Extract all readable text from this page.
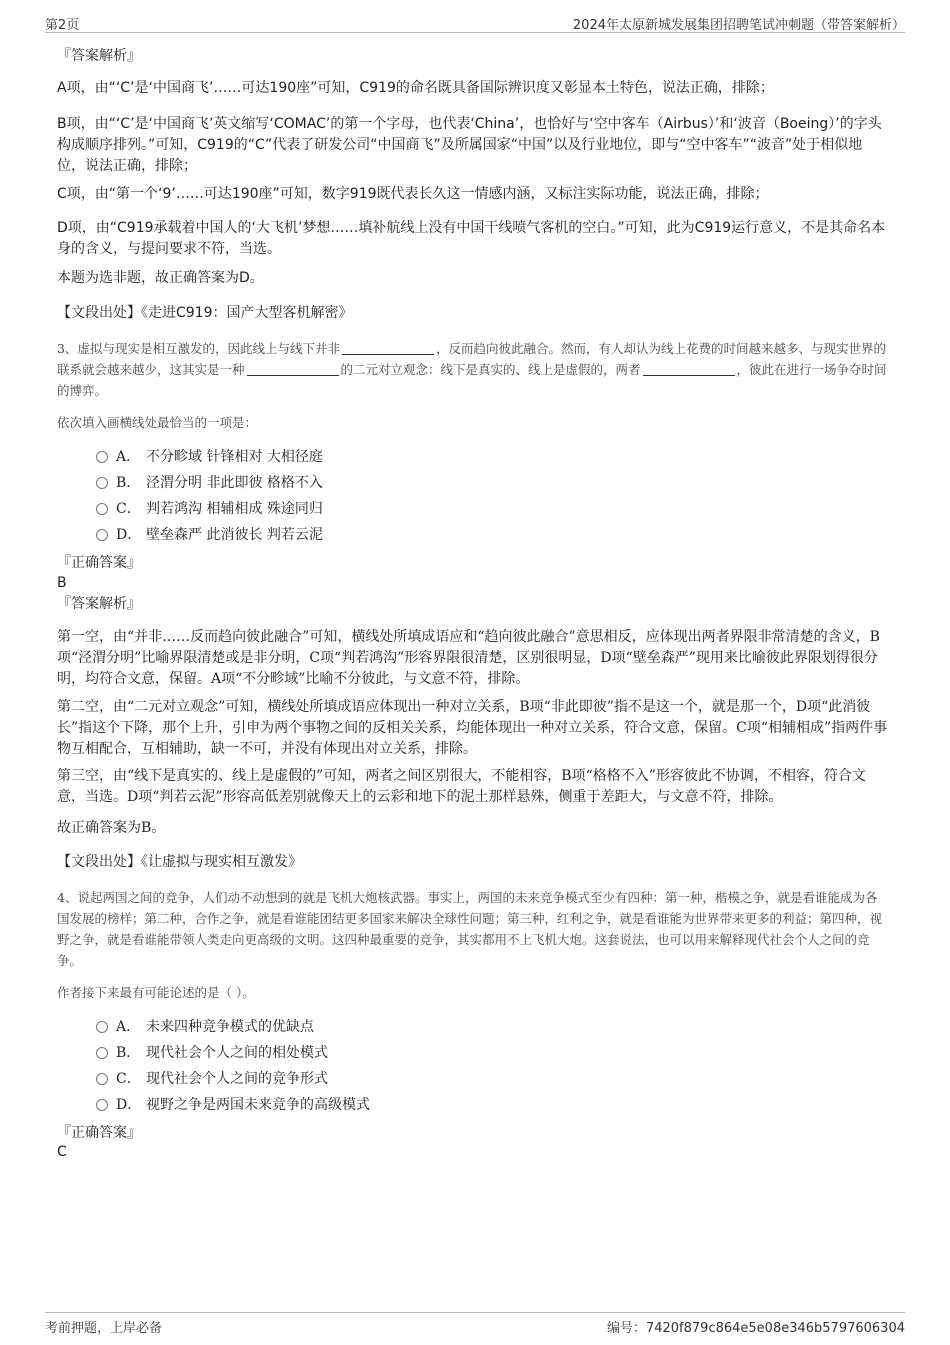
第2页	2024年太原新城发展集团招聘笔试冲刺题（带答案解析）

『答案解析』

A项，由“‘C’是‘中国商飞’……可达190座”可知，C919的命名既具备国际辨识度又彰显本土特色，说法正确，排除；

B项，由“‘C’是‘中国商飞’英文缩写‘COMAC’的第一个字母，也代表‘China’，也恰好与‘空中客车（Airbus）’和‘波音（Boeing）’的字头构成顺序排列。”可知，C919的“C”代表了研发公司“中国商飞”及所属国家“中国”以及行业地位，即与“空中客车”“波音”处于相似地位，说法正确，排除；

C项，由“第一个‘9’……可达190座”可知，数字919既代表长久这一情感内涵，又标注实际功能，说法正确，排除；

D项，由“C919承载着中国人的‘大飞机’梦想……填补航线上没有中国干线喷气客机的空白。”可知，此为C919运行意义，不是其命名本身的含义，与提问要求不符，当选。

本题为选非题，故正确答案为D。

【文段出处】《走进C919：国产大型客机解密》

3、虚拟与现实是相互激发的，因此线上与线下并非	，反而趋向彼此融合。然而，有人却认为线上花费的时间越来越多、与现实世界的联系就会越来越少，这其实是一种	的二元对立观念：线下是真实的、线上是虚假的，两者	，彼此在进行一场争夺时间的博弈。

依次填入画横线处最恰当的一项是：

A． 不分畛域 针锋相对 大相径庭
B． 泾渭分明 非此即彼 格格不入
C． 判若鸿沟 相辅相成 殊途同归
D． 壁垒森严 此消彼长 判若云泥

『正确答案』

B

『答案解析』

第一空，由“并非……反而趋向彼此融合”可知，横线处所填成语应和“趋向彼此融合”意思相反，应体现出两者界限非常清楚的含义，B项“泾渭分明”比喻界限清楚或是非分明，C项“判若鸿沟”形容界限很清楚，区别很明显，D项“壁垒森严”现用来比喻彼此界限划得很分明，均符合文意，保留。A项“不分畛域”比喻不分彼此，与文意不符，排除。

第二空，由“二元对立观念”可知，横线处所填成语应体现出一种对立关系，B项“非此即彼”指不是这一个，就是那一个，D项“此消彼长”指这个下降，那个上升，引申为两个事物之间的反相关关系，均能体现出一种对立关系，符合文意，保留。C项“相辅相成”指两件事物互相配合，互相辅助，缺一不可，并没有体现出对立关系，排除。

第三空，由“线下是真实的、线上是虚假的”可知，两者之间区别很大，不能相容，B项“格格不入”形容彼此不协调，不相容，符合文意，当选。D项“判若云泥”形容高低差别就像天上的云彩和地下的泥土那样悬殊，侧重于差距大，与文意不符，排除。

故正确答案为B。

【文段出处】《让虚拟与现实相互激发》

4、说起两国之间的竞争，人们动不动想到的就是飞机大炮核武器。事实上，两国的未来竞争模式至少有四种：第一种，楷模之争，就是看谁能成为各国发展的榜样；第二种，合作之争，就是看谁能团结更多国家来解决全球性问题；第三种，红利之争，就是看谁能为世界带来更多的利益；第四种，视野之争，就是看谁能带领人类走向更高级的文明。这四种最重要的竞争，其实都用不上飞机大炮。这套说法，也可以用来解释现代社会个人之间的竞争。

作者接下来最有可能论述的是（ ）。

A． 未来四种竞争模式的优缺点
B． 现代社会个人之间的相处模式
C． 现代社会个人之间的竞争形式
D． 视野之争是两国未来竞争的高级模式

『正确答案』

C

考前押题，上岸必备	编号：7420f879c864e5e08e346b5797606304
